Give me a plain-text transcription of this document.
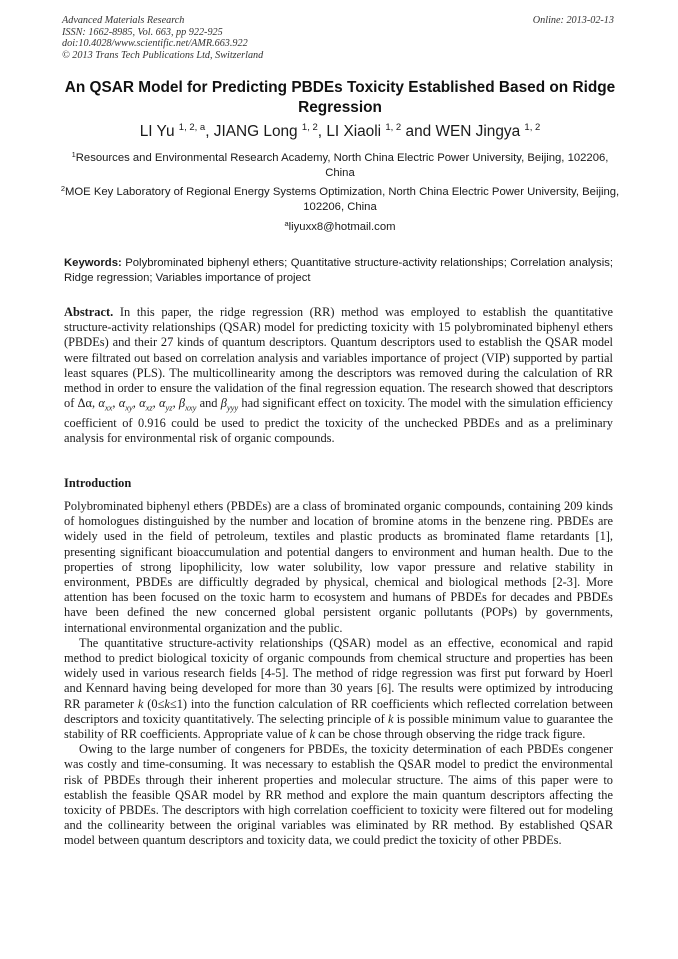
Advanced Materials Research
ISSN: 1662-8985, Vol. 663, pp 922-925
doi:10.4028/www.scientific.net/AMR.663.922
© 2013 Trans Tech Publications Ltd, Switzerland
Online: 2013-02-13
An QSAR Model for Predicting PBDEs Toxicity Established Based on Ridge Regression
LI Yu $^{1, 2, a}$, JIANG Long $^{1, 2}$, LI Xiaoli $^{1, 2}$ and WEN Jingya $^{1, 2}$
$^1$Resources and Environmental Research Academy, North China Electric Power University, Beijing, 102206, China
$^2$MOE Key Laboratory of Regional Energy Systems Optimization, North China Electric Power University, Beijing, 102206, China
$^a$liyuxx8@hotmail.com
Keywords: Polybrominated biphenyl ethers; Quantitative structure-activity relationships; Correlation analysis; Ridge regression; Variables importance of project
Abstract. In this paper, the ridge regression (RR) method was employed to establish the quantitative structure-activity relationships (QSAR) model for predicting toxicity with 15 polybrominated biphenyl ethers (PBDEs) and their 27 kinds of quantum descriptors. Quantum descriptors used to establish the QSAR model were filtrated out based on correlation analysis and variables importance of project (VIP) supported by partial least squares (PLS). The multicollinearity among the descriptors was removed during the calculation of RR method in order to ensure the validation of the final regression equation. The research showed that descriptors of Δα, $\alpha_{xx}$, $\alpha_{xy}$, $\alpha_{xz}$, $\alpha_{yz}$, $\beta_{xxy}$ and $\beta_{yyy}$ had significant effect on toxicity. The model with the simulation efficiency coefficient of 0.916 could be used to predict the toxicity of the unchecked PBDEs and as a preliminary analysis for environmental risk of organic compounds.
Introduction

Polybrominated biphenyl ethers (PBDEs) are a class of brominated organic compounds, containing 209 kinds of homologues distinguished by the number and location of bromine atoms in the benzene ring. PBDEs are widely used in the field of petroleum, textiles and plastic products as brominated flame retardants [1], presenting significant bioaccumulation and potential dangers to environment and human health. Due to the properties of strong lipophilicity, low water solubility, low vapor pressure and relative stability in environment, PBDEs are difficultly degraded by physical, chemical and biological methods [2-3]. More attention has been focused on the toxic harm to ecosystem and humans of PBDEs for decades and PBDEs have been defined the new concerned global persistent organic pollutants (POPs) by governments, international environmental organization and the public.

The quantitative structure-activity relationships (QSAR) model as an effective, economical and rapid method to predict biological toxicity of organic compounds from chemical structure and properties has been widely used in various research fields [4-5]. The method of ridge regression was first put forward by Hoerl and Kennard having being developed for more than 30 years [6]. The results were optimized by introducing RR parameter k (0≤k≤1) into the function calculation of RR coefficients which reflected correlation between descriptors and toxicity quantitatively. The selecting principle of k is possible minimum value to guarantee the stability of RR coefficients. Appropriate value of k can be chose through observing the ridge track figure.

Owing to the large number of congeners for PBDEs, the toxicity determination of each PBDEs congener was costly and time-consuming. It was necessary to establish the QSAR model to predict the environmental risk of PBDEs through their inherent properties and molecular structure. The aims of this paper were to establish the feasible QSAR model by RR method and explore the main quantum descriptors affecting the toxicity of PBDEs. The descriptors with high correlation coefficient to toxicity were filtered out for modeling and the collinearity between the original variables was eliminated by RR method. By established QSAR model between quantum descriptors and toxicity data, we could predict the toxicity of other PBDEs.
